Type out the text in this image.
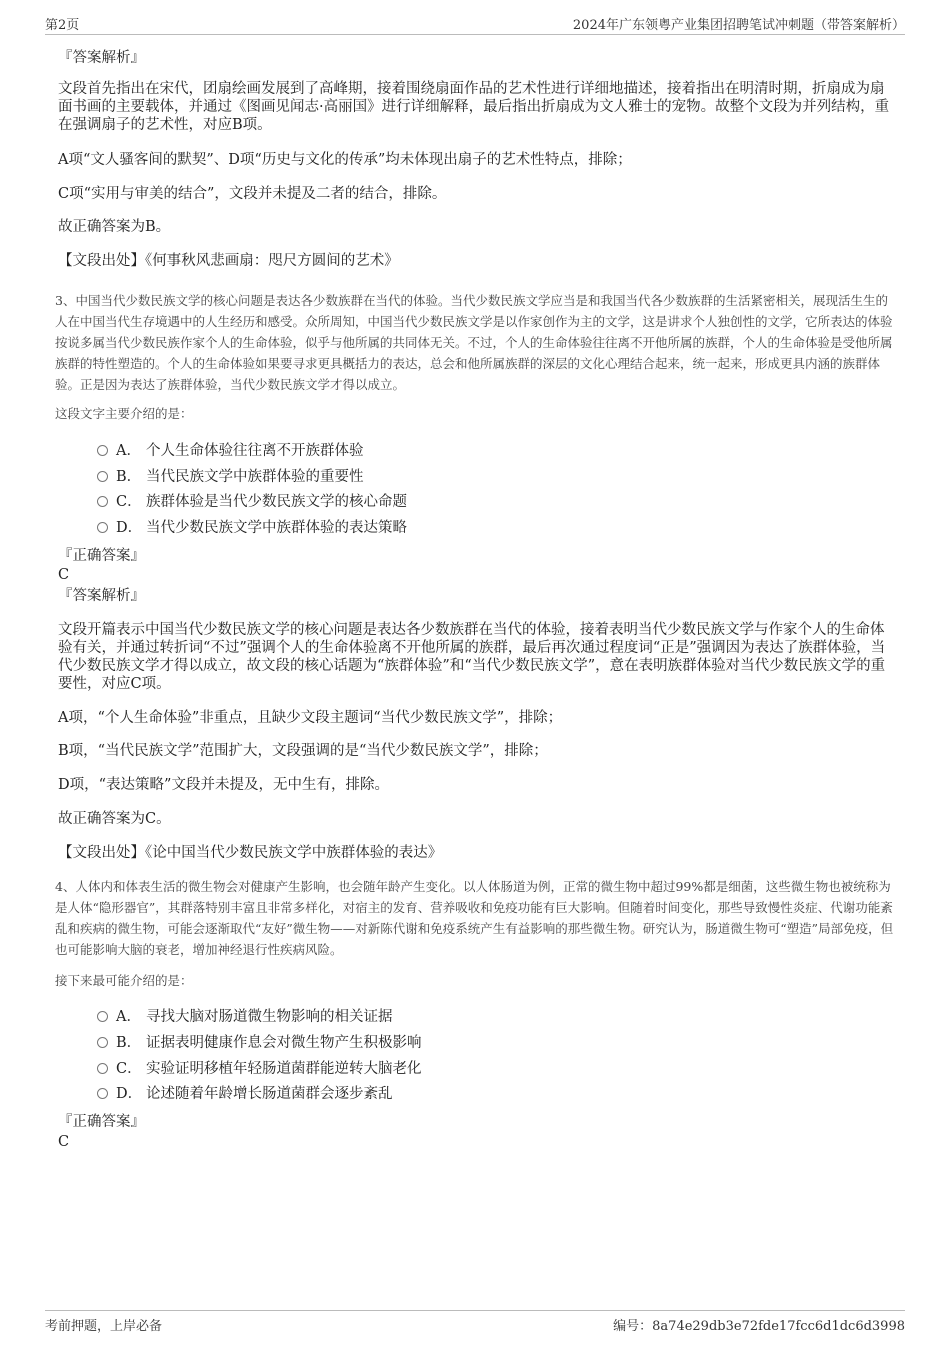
第2页	2024年广东领粤产业集团招聘笔试冲刺题（带答案解析）
『答案解析』
文段首先指出在宋代，团扇绘画发展到了高峰期，接着围绕扇面作品的艺术性进行详细地描述，接着指出在明清时期，折扇成为扇面书画的主要载体，并通过《图画见闻志·高丽国》进行详细解释，最后指出折扇成为文人雅士的宠物。故整个文段为并列结构，重在强调扇子的艺术性，对应B项。
A项“文人骚客间的默契”、D项“历史与文化的传承”均未体现出扇子的艺术性特点，排除；
C项“实用与审美的结合”，文段并未提及二者的结合，排除。
故正确答案为B。
【文段出处】《何事秋风悲画扇：咫尺方圆间的艺术》
3、中国当代少数民族文学的核心问题是表达各少数族群在当代的体验。当代少数民族文学应当是和我国当代各少数族群的生活紧密相关，展现活生生的人在中国当代生存境遇中的人生经历和感受。众所周知，中国当代少数民族文学是以作家创作为主的文学，这是讲求个人独创性的文学，它所表达的体验按说多属当代少数民族作家个人的生命体验，似乎与他所属的共同体无关。不过，个人的生命体验往往离不开他所属的族群，个人的生命体验是受他所属族群的特性塑造的。个人的生命体验如果要寻求更具概括力的表达，总会和他所属族群的深层的文化心理结合起来，统一起来，形成更具内涵的族群体验。正是因为表达了族群体验，当代少数民族文学才得以成立。
这段文字主要介绍的是：
A． 个人生命体验往往离不开族群体验
B． 当代民族文学中族群体验的重要性
C． 族群体验是当代少数民族文学的核心命题
D． 当代少数民族文学中族群体验的表达策略
『正确答案』
C
『答案解析』
文段开篇表示中国当代少数民族文学的核心问题是表达各少数族群在当代的体验，接着表明当代少数民族文学与作家个人的生命体验有关，并通过转折词“不过”强调个人的生命体验离不开他所属的族群，最后再次通过程度词“正是”强调因为表达了族群体验，当代少数民族文学才得以成立，故文段的核心话题为“族群体验”和“当代少数民族文学”，意在表明族群体验对当代少数民族文学的重要性，对应C项。
A项，“个人生命体验”非重点，且缺少文段主题词“当代少数民族文学”，排除；
B项，“当代民族文学”范围扩大，文段强调的是“当代少数民族文学”，排除；
D项，“表达策略”文段并未提及，无中生有，排除。
故正确答案为C。
【文段出处】《论中国当代少数民族文学中族群体验的表达》
4、人体内和体表生活的微生物会对健康产生影响，也会随年龄产生变化。以人体肠道为例，正常的微生物中超过99%都是细菌，这些微生物也被统称为是人体“隐形器官”，其群落特别丰富且非常多样化，对宿主的发育、营养吸收和免疫功能有巨大影响。但随着时间变化，那些导致慢性炎症、代谢功能紊乱和疾病的微生物，可能会逐渐取代“友好”微生物——对新陈代谢和免疫系统产生有益影响的那些微生物。研究认为，肠道微生物可“塑造”局部免疫，但也可能影响大脑的衰老，增加神经退行性疾病风险。
接下来最可能介绍的是：
A． 寻找大脑对肠道微生物影响的相关证据
B． 证据表明健康作息会对微生物产生积极影响
C． 实验证明移植年轻肠道菌群能逆转大脑老化
D． 论述随着年龄增长肠道菌群会逐步紊乱
『正确答案』
C
考前押题，上岸必备	编号：8a74e29db3e72fde17fcc6d1dc6d3998
